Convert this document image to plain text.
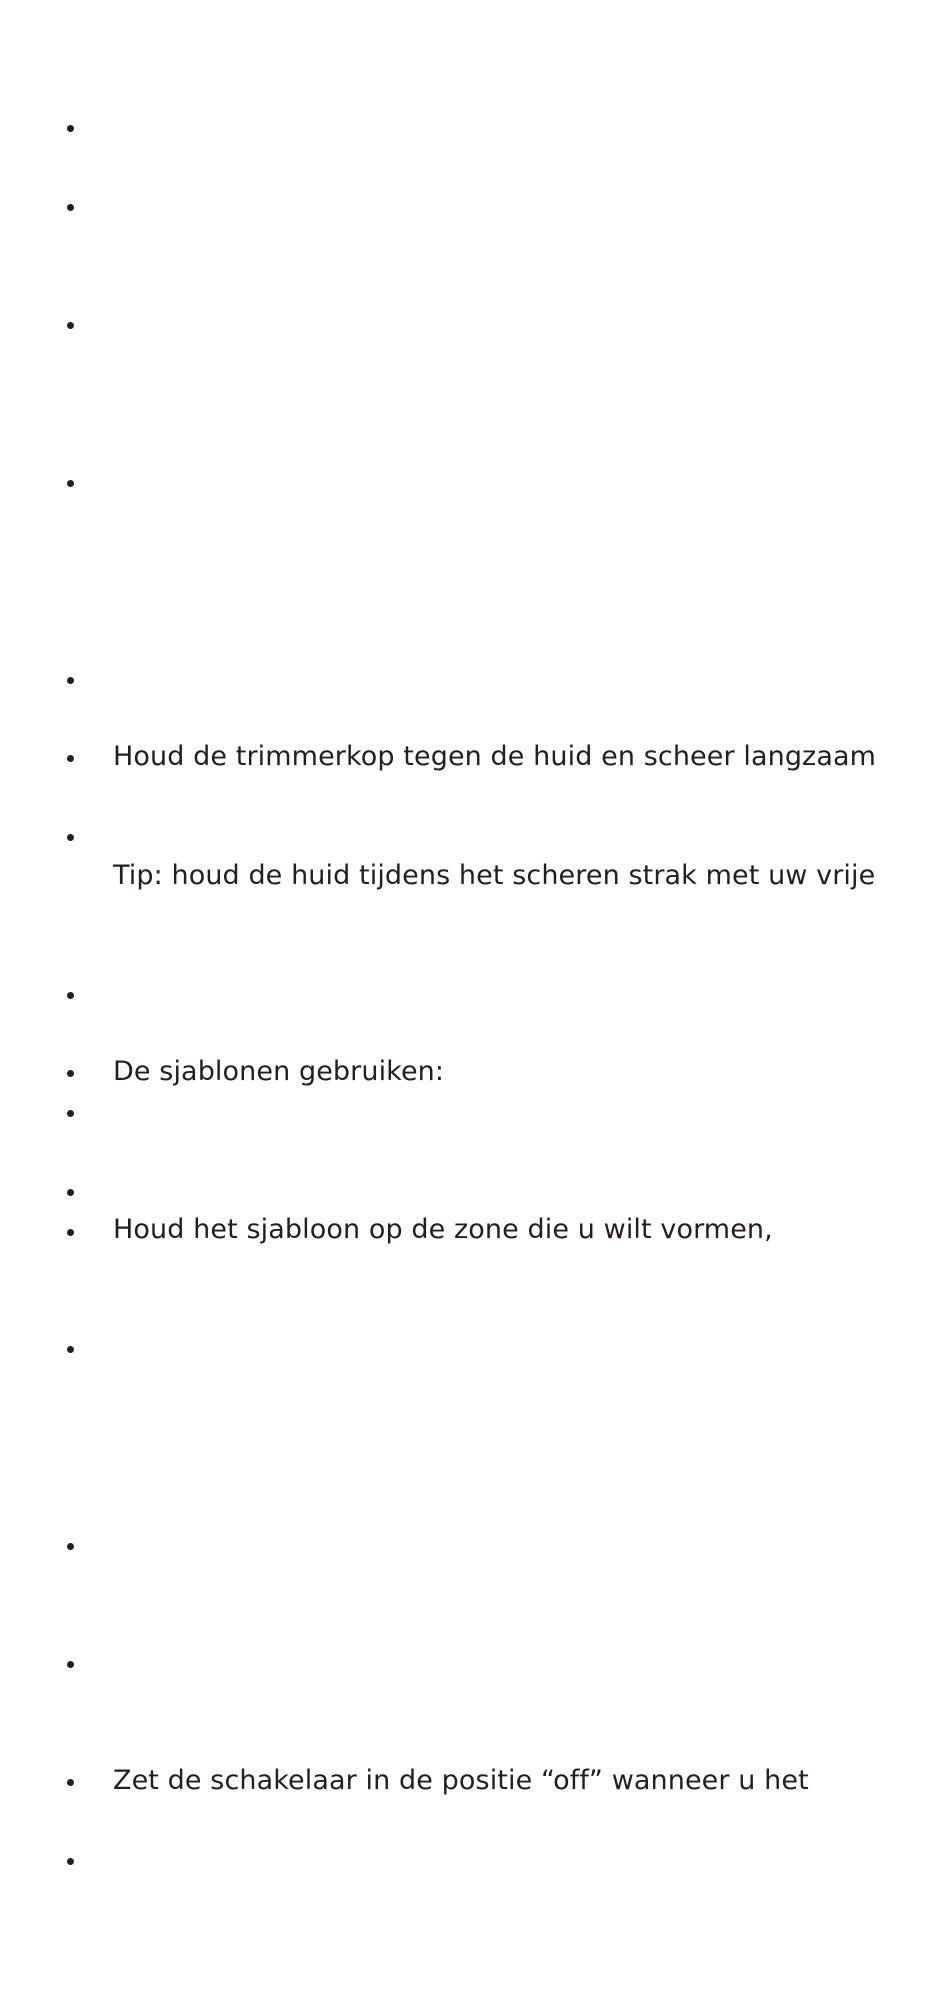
Houd de trimmerkop tegen de huid en scheer langzaam
Tip: houd de huid tijdens het scheren strak met uw vrije
De sjablonen gebruiken:
Houd het sjabloon op de zone die u wilt vormen,
Zet de schakelaar in de positie “off” wanneer u het
